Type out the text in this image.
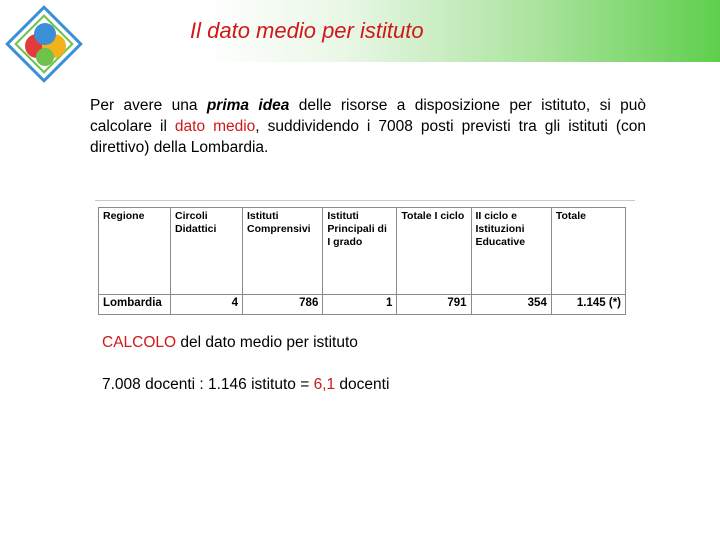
Il dato medio per istituto
Per avere una prima idea delle risorse a disposizione per istituto, si può calcolare il dato medio, suddividendo i 7008 posti previsti tra gli istituti (con direttivo) della Lombardia.
Regione	Circoli Didattici	Istituti Comprensivi	Istituti Principali di I grado	Totale I ciclo	II ciclo e Istituzioni Educative	Totale
Lombardia	4	786	1	791	354	1.145 (*)
CALCOLO del dato medio per istituto
7.008 docenti : 1.146 istituto = 6,1 docenti
